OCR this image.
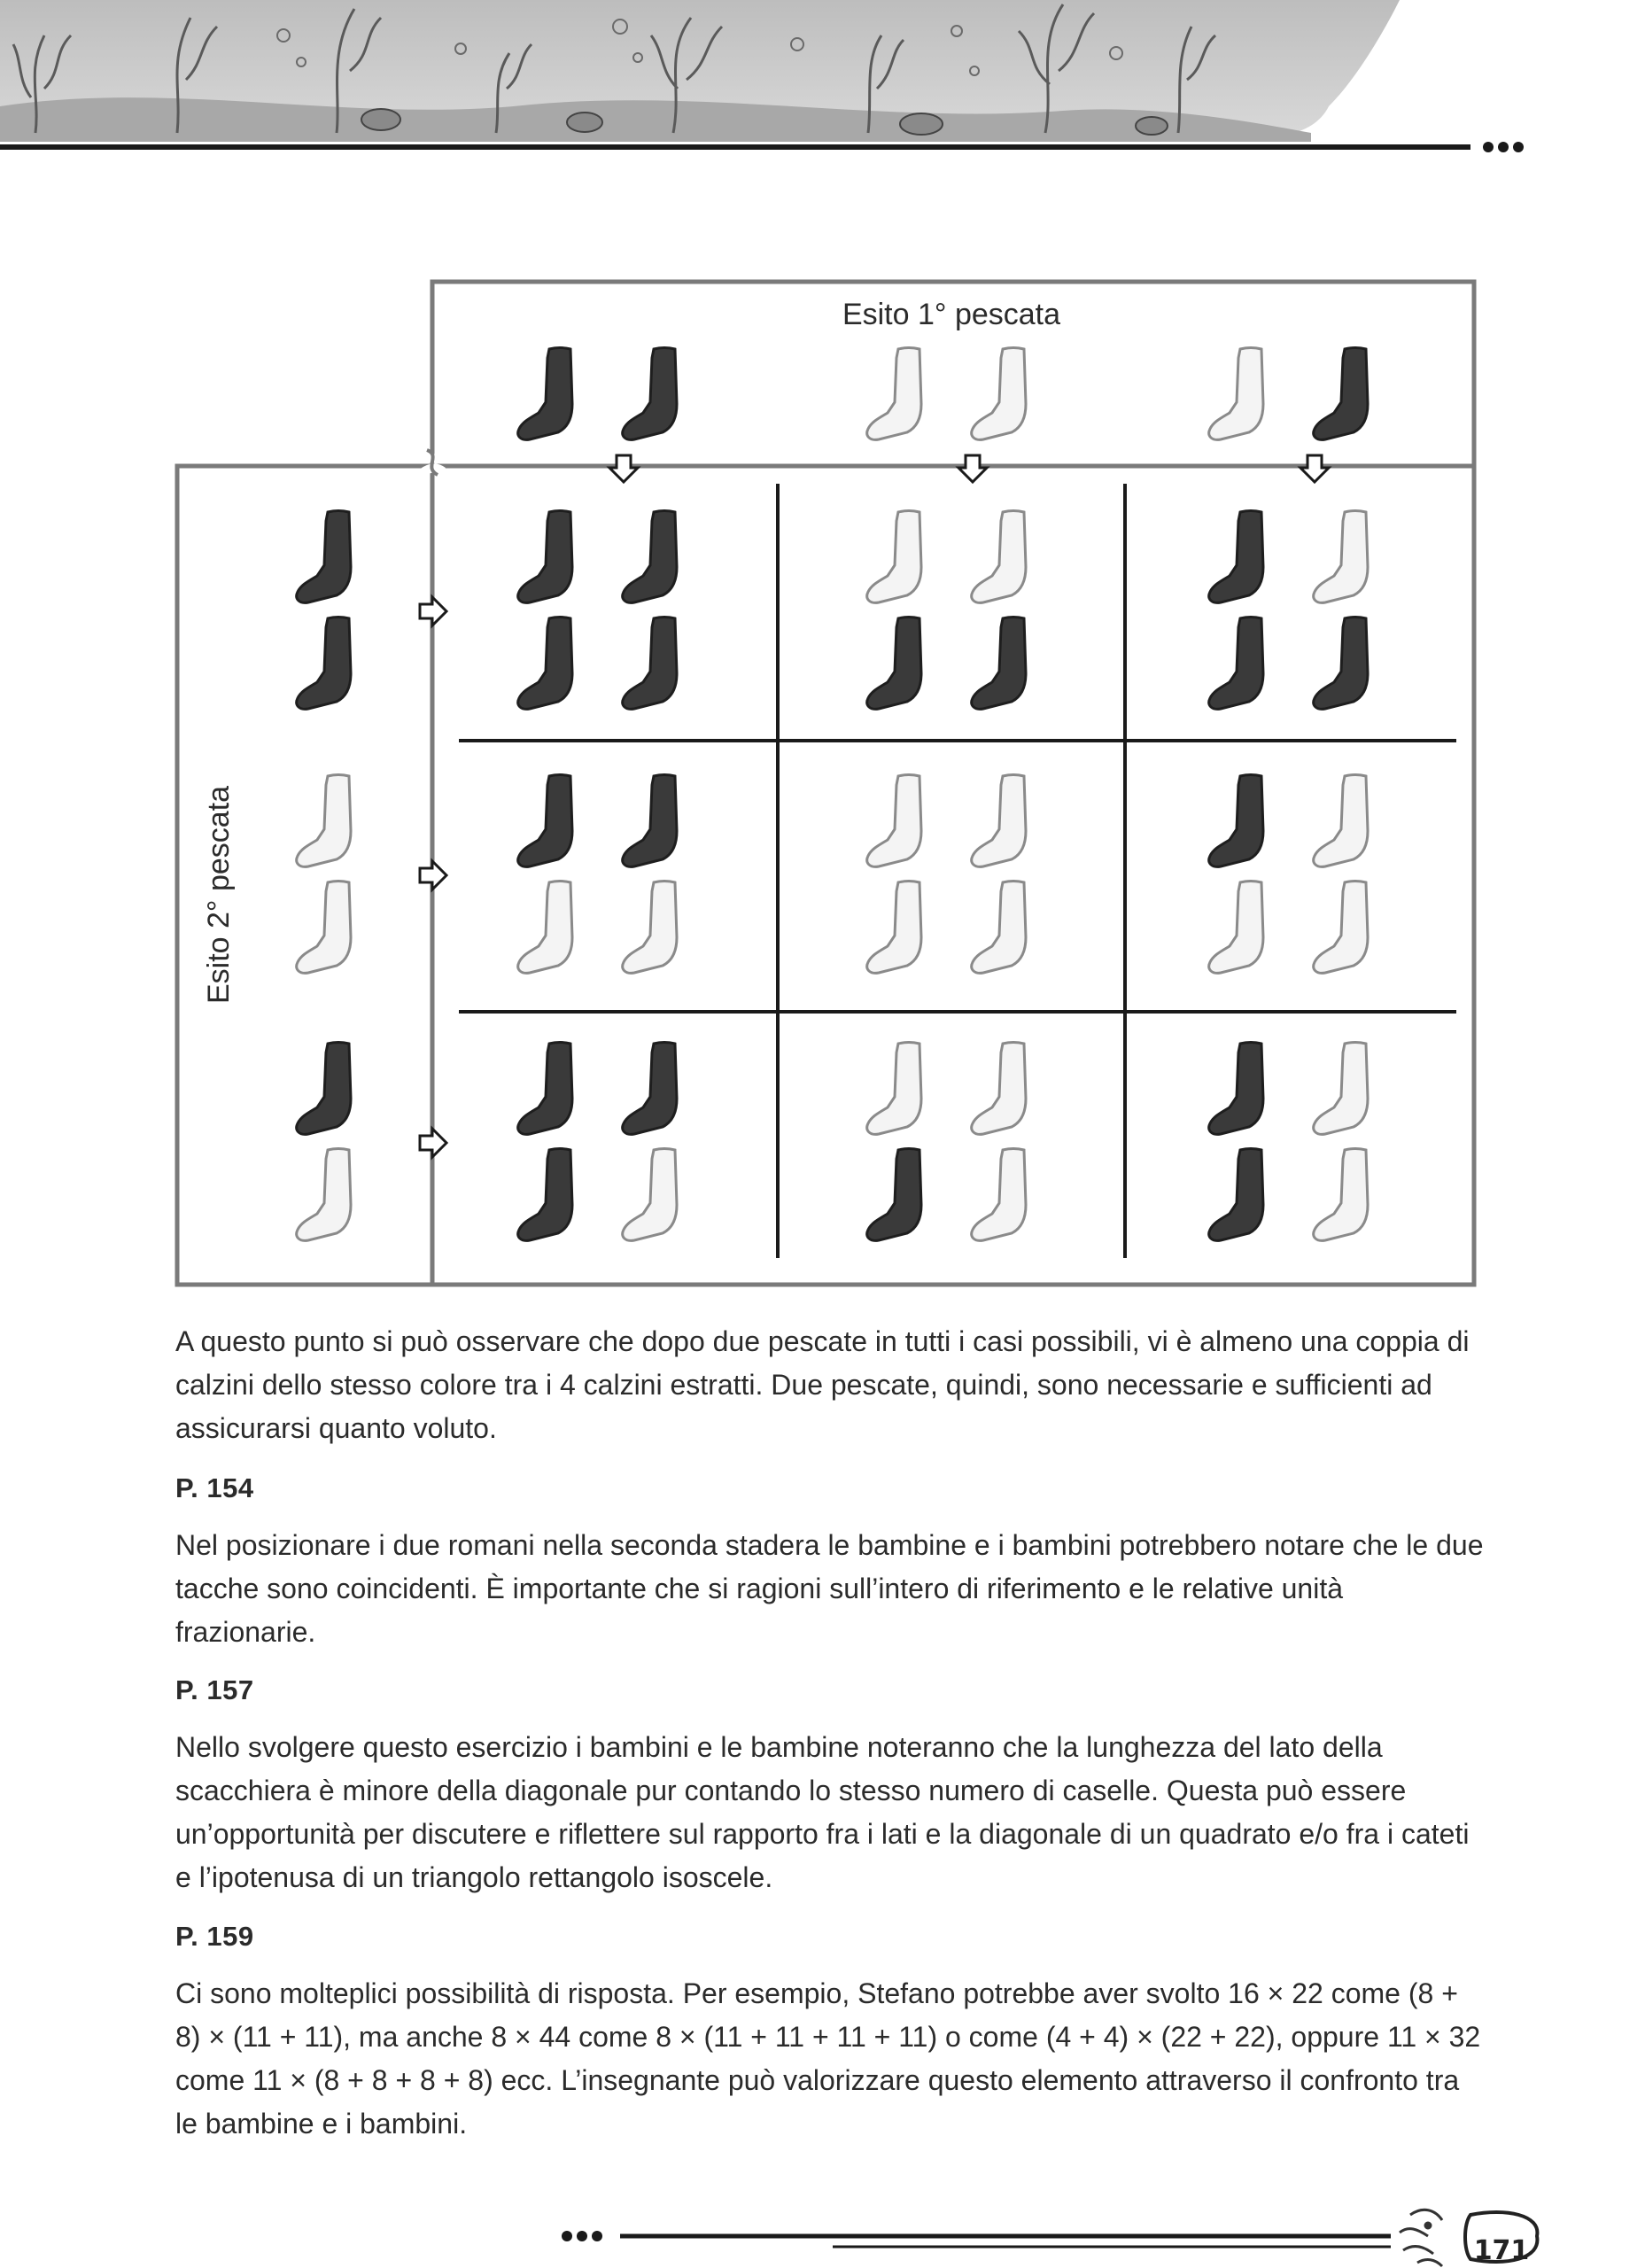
Esito 1° pescata
Esito 2° pescata

A questo punto si può osservare che dopo due pescate in tutti i casi possibili, vi è almeno una coppia di calzini dello stesso colore tra i 4 calzini estratti. Due pescate, quindi, sono necessarie e sufficienti ad assicurarsi quanto voluto.

P. 154

Nel posizionare i due romani nella seconda stadera le bambine e i bambini potrebbero notare che le due tacche sono coincidenti. È importante che si ragioni sull’intero di riferimento e le relative unità frazionarie.

P. 157

Nello svolgere questo esercizio i bambini e le bambine noteranno che la lunghezza del lato della scacchiera è minore della diagonale pur contando lo stesso numero di caselle. Questa può essere un’opportunità per discutere e riflettere sul rapporto fra i lati e la diagonale di un quadrato e/o fra i cateti e l’ipotenusa di un triangolo rettangolo isoscele.

P. 159

Ci sono molteplici possibilità di risposta. Per esempio, Stefano potrebbe aver svolto 16 × 22 come (8 + 8) × (11 + 11), ma anche 8 × 44 come 8 × (11 + 11 + 11 + 11) o come (4 + 4) × (22 + 22), oppure 11 × 32 come 11 × (8 + 8 + 8 + 8) ecc. L’insegnante può valorizzare questo elemento attraverso il confronto tra le bambine e i bambini.

171
